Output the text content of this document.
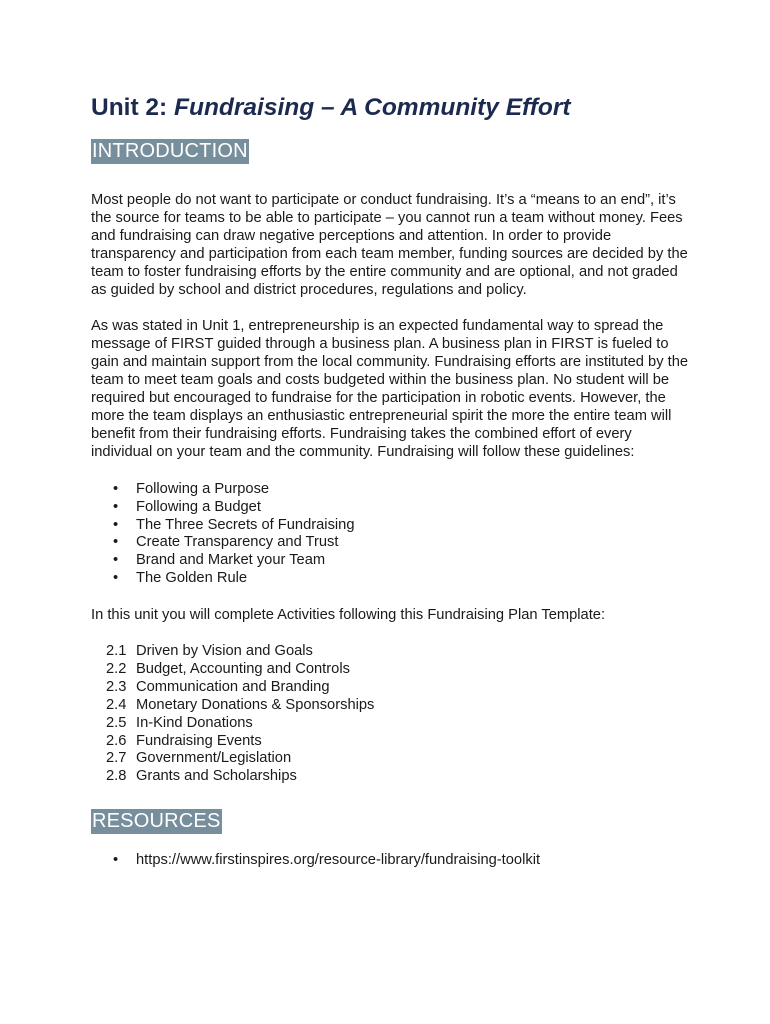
Unit 2: Fundraising – A Community Effort
INTRODUCTION

Most people do not want to participate or conduct fundraising. It’s a “means to an end”, it’s the source for teams to be able to participate – you cannot run a team without money. Fees and fundraising can draw negative perceptions and attention. In order to provide transparency and participation from each team member, funding sources are decided by the team to foster fundraising efforts by the entire community and are optional, and not graded as guided by school and district procedures, regulations and policy.

As was stated in Unit 1, entrepreneurship is an expected fundamental way to spread the message of FIRST guided through a business plan. A business plan in FIRST is fueled to gain and maintain support from the local community. Fundraising efforts are instituted by the team to meet team goals and costs budgeted within the business plan. No student will be required but encouraged to fundraise for the participation in robotic events. However, the more the team displays an enthusiastic entrepreneurial spirit the more the entire team will benefit from their fundraising efforts. Fundraising takes the combined effort of every individual on your team and the community. Fundraising will follow these guidelines:

• Following a Purpose
• Following a Budget
• The Three Secrets of Fundraising
• Create Transparency and Trust
• Brand and Market your Team
• The Golden Rule

In this unit you will complete Activities following this Fundraising Plan Template:

2.1 Driven by Vision and Goals
2.2 Budget, Accounting and Controls
2.3 Communication and Branding
2.4 Monetary Donations & Sponsorships
2.5 In-Kind Donations
2.6 Fundraising Events
2.7 Government/Legislation
2.8 Grants and Scholarships
RESOURCES
• https://www.firstinspires.org/resource-library/fundraising-toolkit
